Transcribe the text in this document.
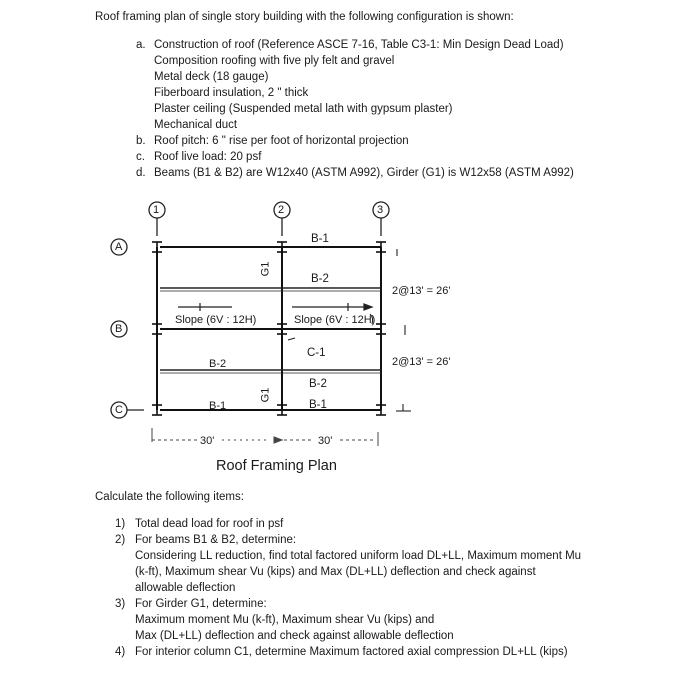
Roof framing plan of single story building with the following configuration is shown:
a. Construction of roof (Reference ASCE 7-16, Table C3-1: Min Design Dead Load)
Composition roofing with five ply felt and gravel
Metal deck (18 gauge)
Fiberboard insulation, 2 " thick
Plaster ceiling (Suspended metal lath with gypsum plaster)
Mechanical duct
b. Roof pitch: 6 " rise per foot of horizontal projection
c. Roof live load: 20 psf
d. Beams (B1 & B2) are W12x40 (ASTM A992), Girder (G1) is W12x58 (ASTM A992)
1	2	3
A
B
C
B-1
B-2
2@13' = 26'
Slope (6V : 12H)	Slope (6V : 12H)
C-1
2@13' = 26'
B-2
B-2
B-1	B-1
G1
G1
30'	30'
Roof Framing Plan
Calculate the following items:
1) Total dead load for roof in psf
2) For beams B1 & B2, determine:
Considering LL reduction, find total factored uniform load DL+LL, Maximum moment Mu
(k-ft), Maximum shear Vu (kips) and Max (DL+LL) deflection and check against
allowable deflection
3) For Girder G1, determine:
Maximum moment Mu (k-ft), Maximum shear Vu (kips) and
Max (DL+LL) deflection and check against allowable deflection
4) For interior column C1, determine Maximum factored axial compression DL+LL (kips)
